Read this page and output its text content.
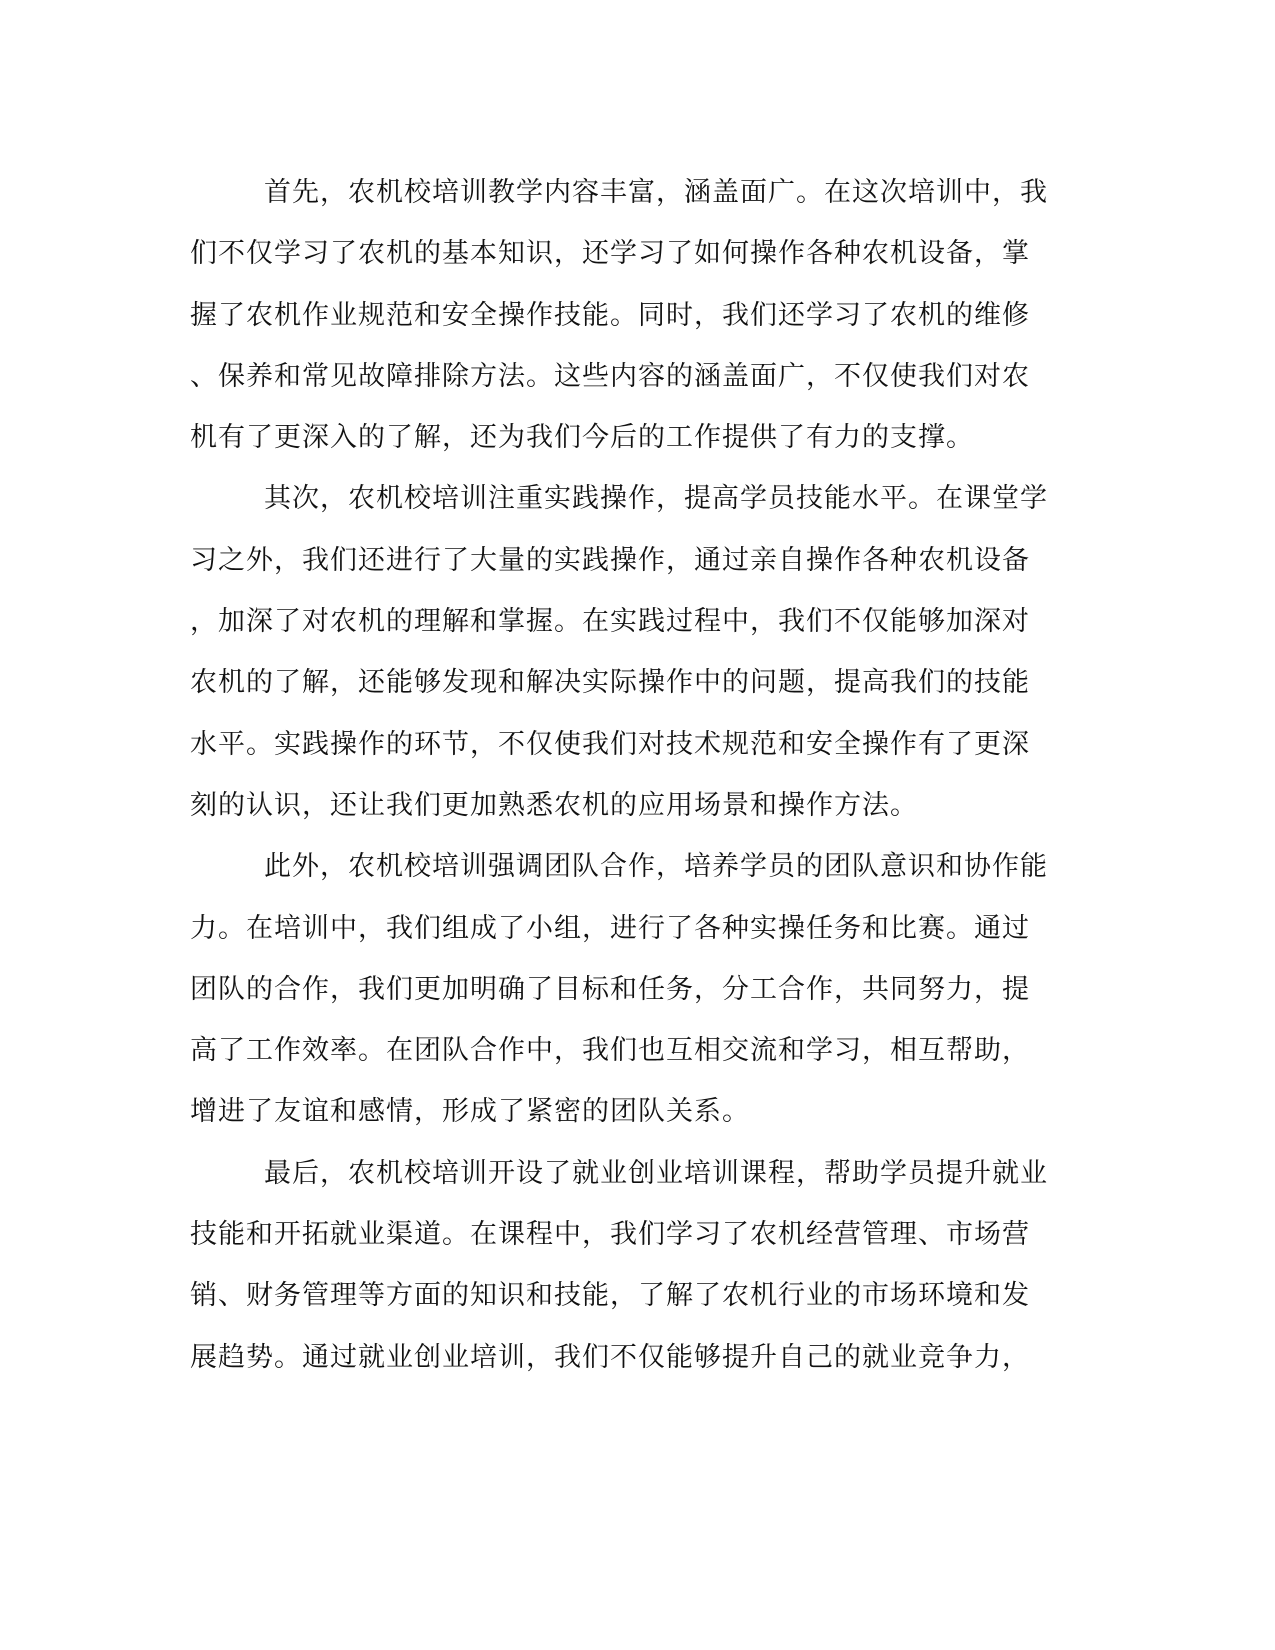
首先，农机校培训教学内容丰富，涵盖面广。在这次培训中，我
们不仅学习了农机的基本知识，还学习了如何操作各种农机设备，掌
握了农机作业规范和安全操作技能。同时，我们还学习了农机的维修
、保养和常见故障排除方法。这些内容的涵盖面广，不仅使我们对农
机有了更深入的了解，还为我们今后的工作提供了有力的支撑。

其次，农机校培训注重实践操作，提高学员技能水平。在课堂学
习之外，我们还进行了大量的实践操作，通过亲自操作各种农机设备
，加深了对农机的理解和掌握。在实践过程中，我们不仅能够加深对
农机的了解，还能够发现和解决实际操作中的问题，提高我们的技能
水平。实践操作的环节，不仅使我们对技术规范和安全操作有了更深
刻的认识，还让我们更加熟悉农机的应用场景和操作方法。

此外，农机校培训强调团队合作，培养学员的团队意识和协作能
力。在培训中，我们组成了小组，进行了各种实操任务和比赛。通过
团队的合作，我们更加明确了目标和任务，分工合作，共同努力，提
高了工作效率。在团队合作中，我们也互相交流和学习，相互帮助，
增进了友谊和感情，形成了紧密的团队关系。

最后，农机校培训开设了就业创业培训课程，帮助学员提升就业
技能和开拓就业渠道。在课程中，我们学习了农机经营管理、市场营
销、财务管理等方面的知识和技能，了解了农机行业的市场环境和发
展趋势。通过就业创业培训，我们不仅能够提升自己的就业竞争力，
